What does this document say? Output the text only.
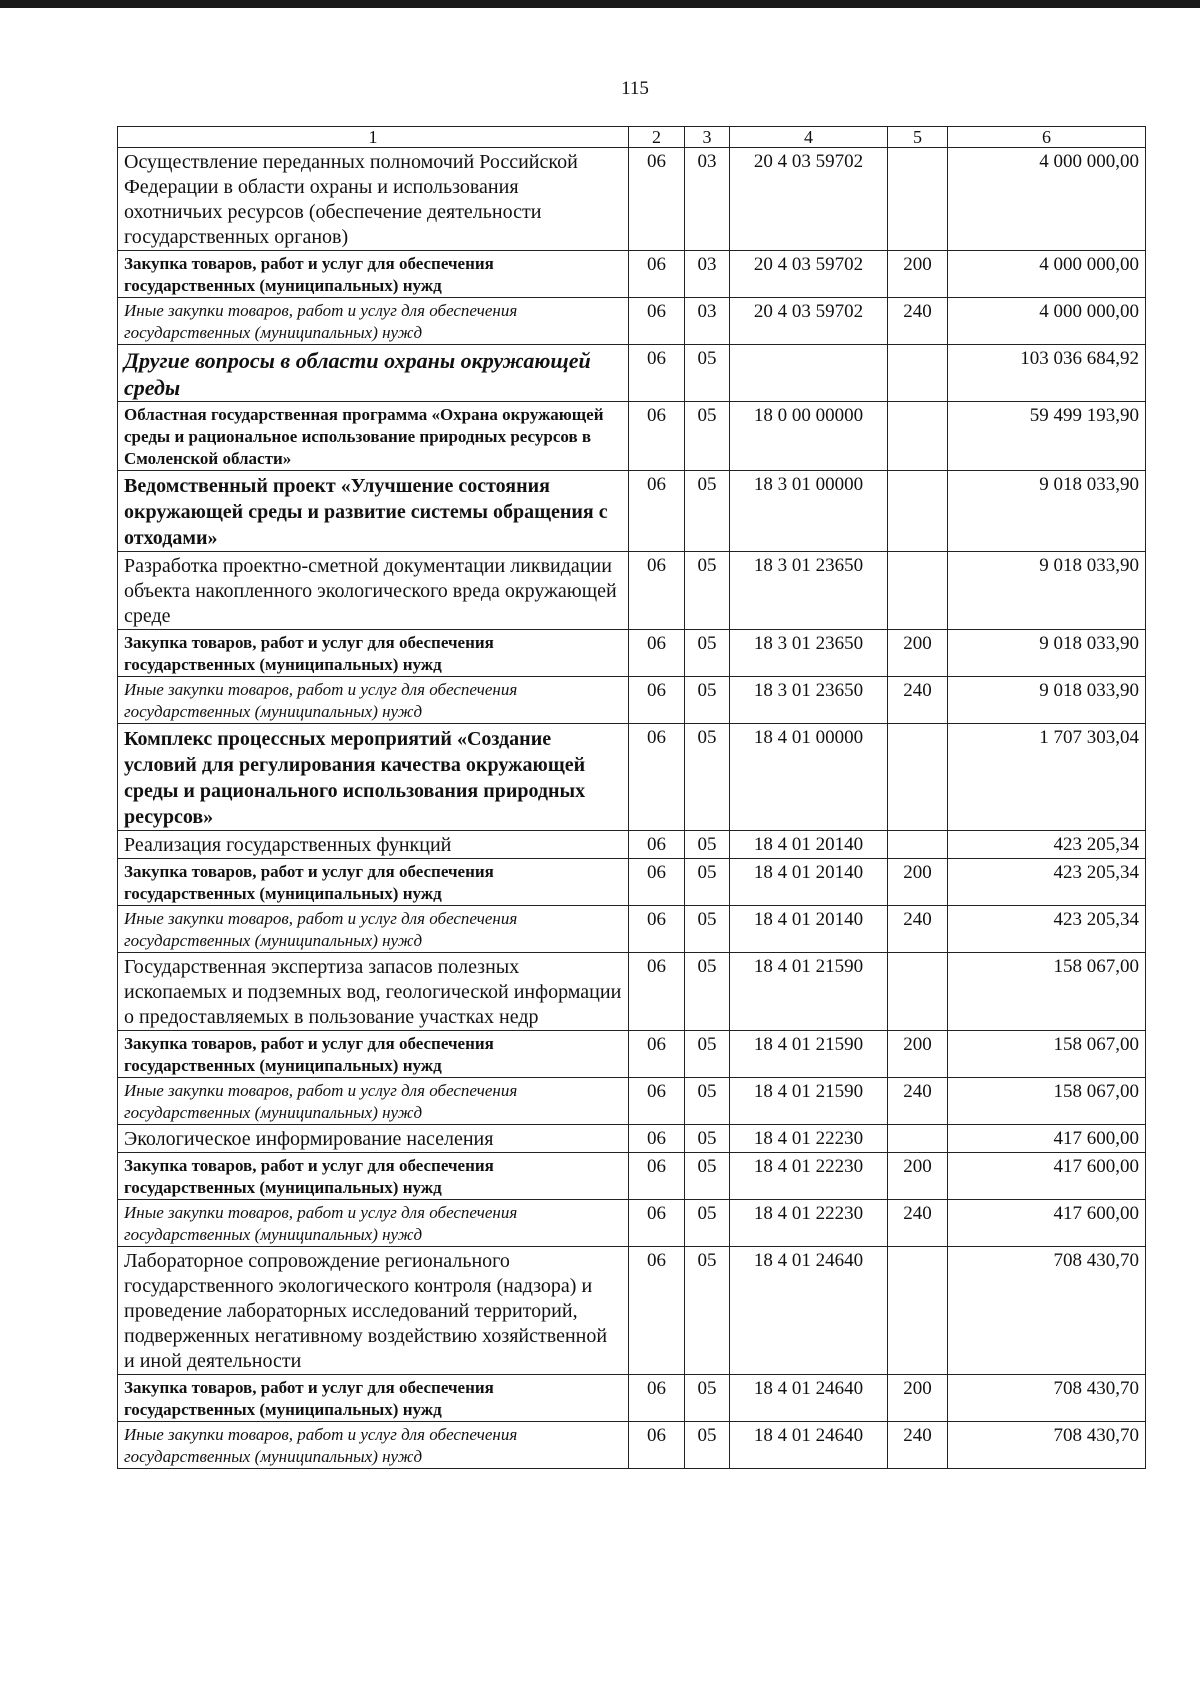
115
1	2	3	4	5	6
Осуществление переданных полномочий Российской Федерации в области охраны и использования охотничьих ресурсов (обеспечение деятельности государственных органов)	06	03	20 4 03 59702		4 000 000,00
Закупка товаров, работ и услуг для обеспечения государственных (муниципальных) нужд	06	03	20 4 03 59702	200	4 000 000,00
Иные закупки товаров, работ и услуг для обеспечения государственных (муниципальных) нужд	06	03	20 4 03 59702	240	4 000 000,00
Другие вопросы в области охраны окружающей среды	06	05			103 036 684,92
Областная государственная программа «Охрана окружающей среды и рациональное использование природных ресурсов в Смоленской области»	06	05	18 0 00 00000		59 499 193,90
Ведомственный проект «Улучшение состояния окружающей среды и развитие системы обращения с отходами»	06	05	18 3 01 00000		9 018 033,90
Разработка проектно-сметной документации ликвидации объекта накопленного экологического вреда окружающей среде	06	05	18 3 01 23650		9 018 033,90
Закупка товаров, работ и услуг для обеспечения государственных (муниципальных) нужд	06	05	18 3 01 23650	200	9 018 033,90
Иные закупки товаров, работ и услуг для обеспечения государственных (муниципальных) нужд	06	05	18 3 01 23650	240	9 018 033,90
Комплекс процессных мероприятий «Создание условий для регулирования качества окружающей среды и рационального использования природных ресурсов»	06	05	18 4 01 00000		1 707 303,04
Реализация государственных функций	06	05	18 4 01 20140		423 205,34
Закупка товаров, работ и услуг для обеспечения государственных (муниципальных) нужд	06	05	18 4 01 20140	200	423 205,34
Иные закупки товаров, работ и услуг для обеспечения государственных (муниципальных) нужд	06	05	18 4 01 20140	240	423 205,34
Государственная экспертиза запасов полезных ископаемых и подземных вод, геологической информации о предоставляемых в пользование участках недр	06	05	18 4 01 21590		158 067,00
Закупка товаров, работ и услуг для обеспечения государственных (муниципальных) нужд	06	05	18 4 01 21590	200	158 067,00
Иные закупки товаров, работ и услуг для обеспечения государственных (муниципальных) нужд	06	05	18 4 01 21590	240	158 067,00
Экологическое информирование населения	06	05	18 4 01 22230		417 600,00
Закупка товаров, работ и услуг для обеспечения государственных (муниципальных) нужд	06	05	18 4 01 22230	200	417 600,00
Иные закупки товаров, работ и услуг для обеспечения государственных (муниципальных) нужд	06	05	18 4 01 22230	240	417 600,00
Лабораторное сопровождение регионального государственного экологического контроля (надзора) и проведение лабораторных исследований территорий, подверженных негативному воздействию хозяйственной и иной деятельности	06	05	18 4 01 24640		708 430,70
Закупка товаров, работ и услуг для обеспечения государственных (муниципальных) нужд	06	05	18 4 01 24640	200	708 430,70
Иные закупки товаров, работ и услуг для обеспечения государственных (муниципальных) нужд	06	05	18 4 01 24640	240	708 430,70
